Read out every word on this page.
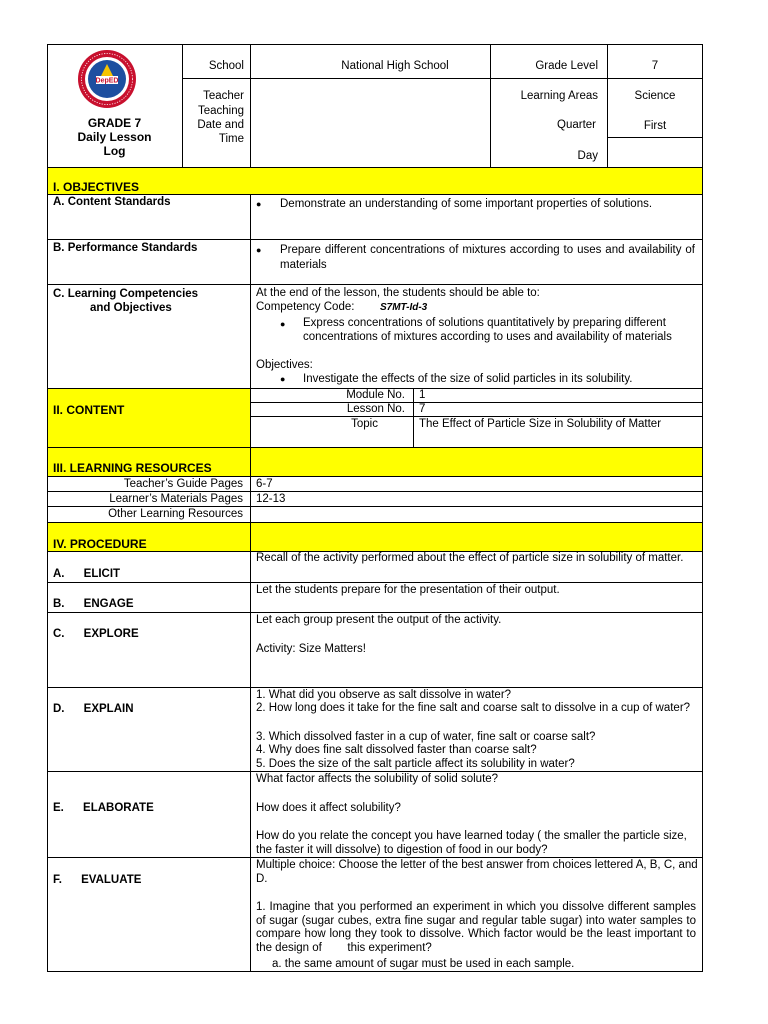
DepED
GRADE 7
Daily Lesson
Log
School	National High School
Teacher
Teaching
Date and
Time
Grade Level	7
Learning Areas	Science
Quarter	First
Day
I. OBJECTIVES
A. Content Standards	● Demonstrate an understanding of some important properties of solutions.
B. Performance Standards	● Prepare different concentrations of mixtures according to uses and availability of materials
C. Learning Competencies
and Objectives
At the end of the lesson, the students should be able to:
Competency Code:	S7MT-Id-3
● Express concentrations of solutions quantitatively by preparing different concentrations of mixtures according to uses and availability of materials
Objectives:
● Investigate the effects of the size of solid particles in its solubility.
II. CONTENT
Module No. 1
Lesson No. 7
Topic	The Effect of Particle Size in Solubility of Matter
III. LEARNING RESOURCES
Teacher’s Guide Pages 6-7
Learner’s Materials Pages 12-13
Other Learning Resources
IV. PROCEDURE
A.      ELICIT
Recall of the activity performed about the effect of particle size in solubility of matter.
B.      ENGAGE
Let the students prepare for the presentation of their output.
C.      EXPLORE
Let each group present the output of the activity.
Activity: Size Matters!
D.      EXPLAIN
1. What did you observe as salt dissolve in water?
2. How long does it take for the fine salt and coarse salt to dissolve in a cup of water?
3. Which dissolved faster in a cup of water, fine salt or coarse salt?
4. Why does fine salt dissolved faster than coarse salt?
5. Does the size of the salt particle affect its solubility in water?
E.      ELABORATE
What factor affects the solubility of solid solute?
How does it affect solubility?
How do you relate the concept you have learned today ( the smaller the particle size, the faster it will dissolve) to digestion of food in our body?
F.      EVALUATE
Multiple choice: Choose the letter of the best answer from choices lettered A, B, C, and D.
1. Imagine that you performed an experiment in which you dissolve different samples of sugar (sugar cubes, extra fine sugar and regular table sugar) into water samples to compare how long they took to dissolve. Which factor would be the least important to the design of        this experiment?
a. the same amount of sugar must be used in each sample.
